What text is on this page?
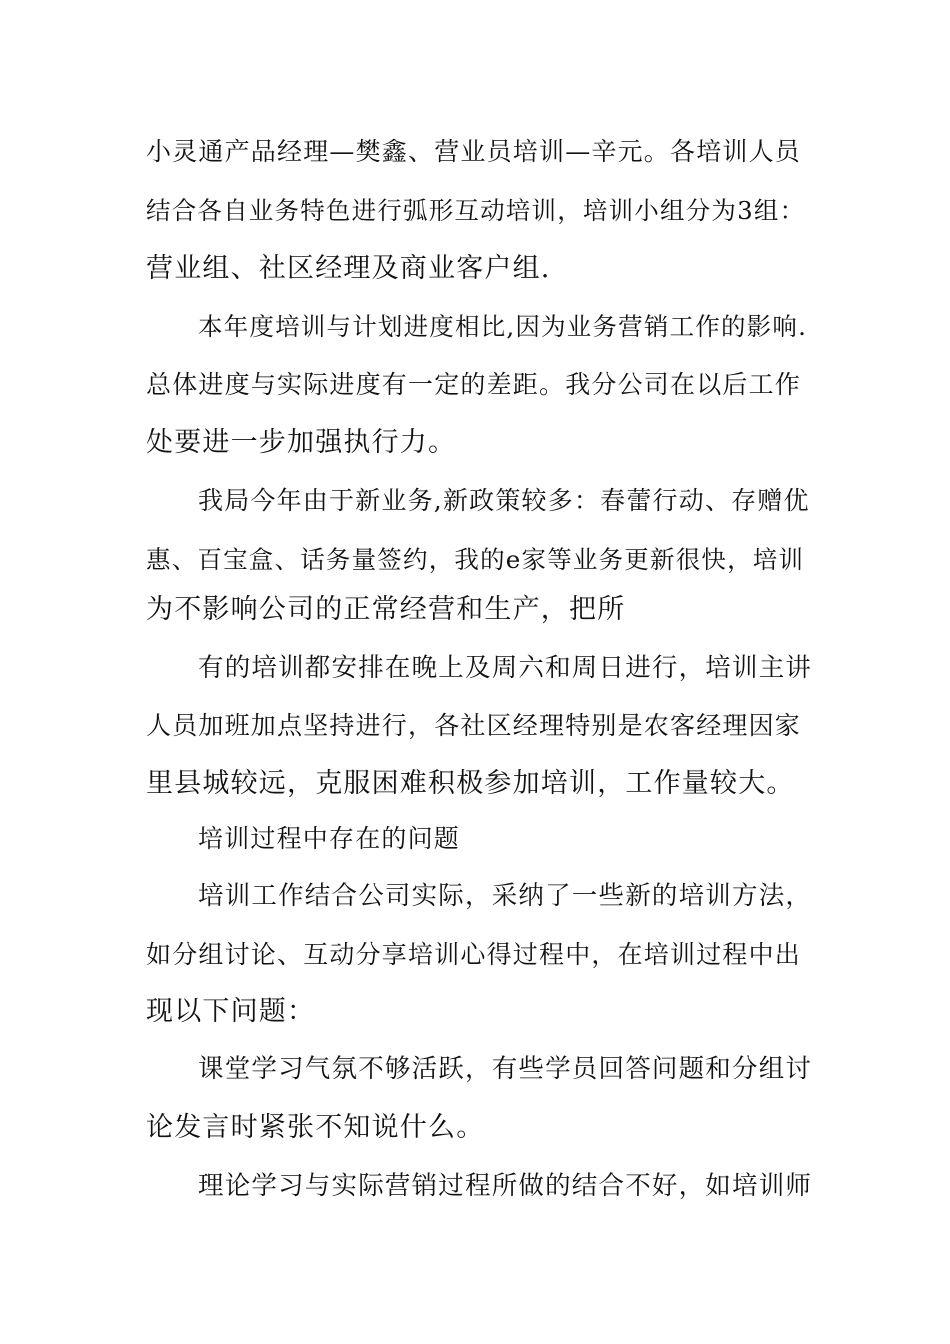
小灵通产品经理—樊鑫、营业员培训—辛元。各培训人员
结合各自业务特色进行弧形互动培训，培训小组分为3组：
营业组、社区经理及商业客户组.
本年度培训与计划进度相比,因为业务营销工作的影响.
总体进度与实际进度有一定的差距。我分公司在以后工作
处要进一步加强执行力。
我局今年由于新业务,新政策较多：春蕾行动、存赠优
惠、百宝盒、话务量签约，我的e家等业务更新很快，培训
为不影响公司的正常经营和生产，把所
有的培训都安排在晚上及周六和周日进行，培训主讲
人员加班加点坚持进行，各社区经理特别是农客经理因家
里县城较远，克服困难积极参加培训，工作量较大。
培训过程中存在的问题
培训工作结合公司实际，采纳了一些新的培训方法，
如分组讨论、互动分享培训心得过程中，在培训过程中出
现以下问题：
课堂学习气氛不够活跃，有些学员回答问题和分组讨
论发言时紧张不知说什么。
理论学习与实际营销过程所做的结合不好，如培训师
